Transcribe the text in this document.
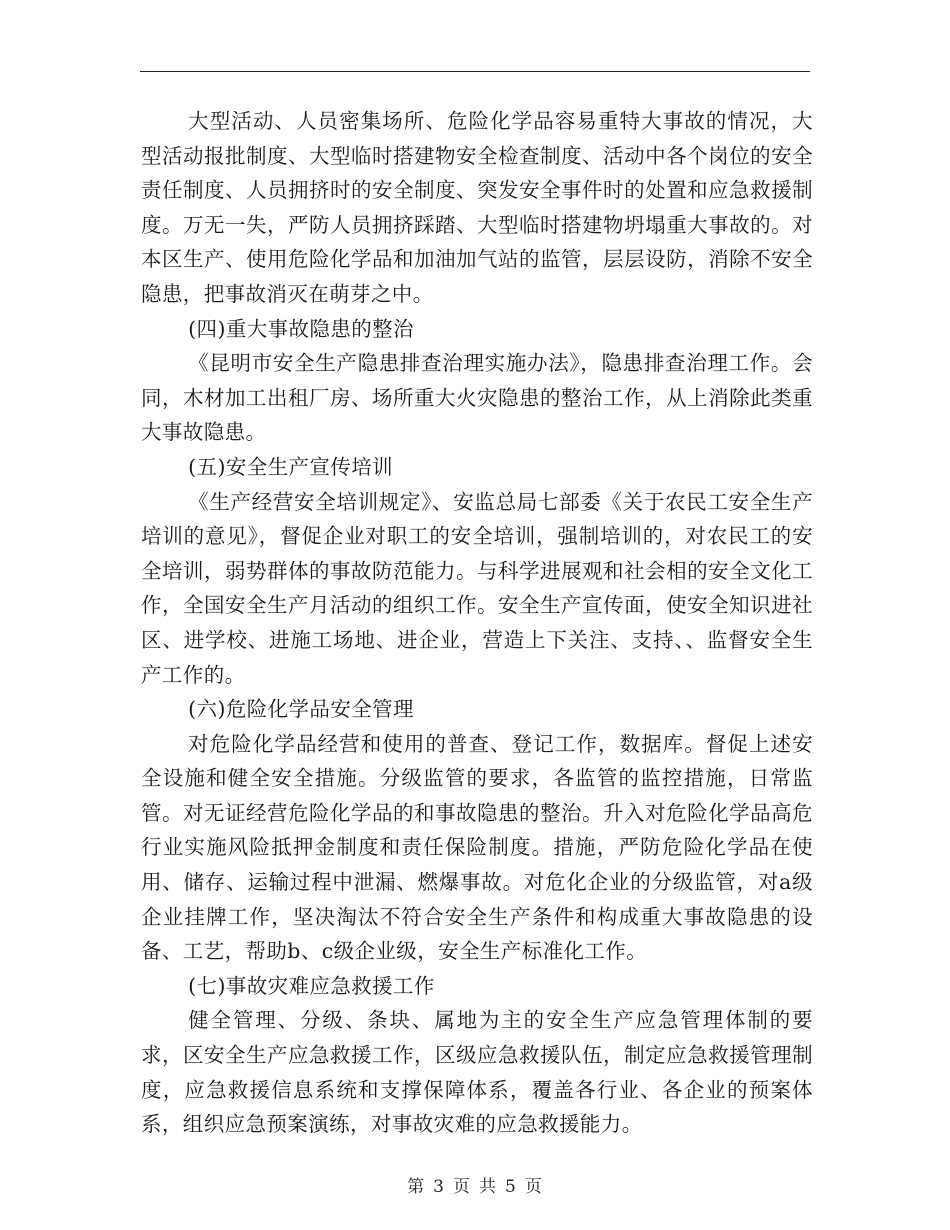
大型活动、人员密集场所、危险化学品容易重特大事故的情况，大型活动报批制度、大型临时搭建物安全检查制度、活动中各个岗位的安全责任制度、人员拥挤时的安全制度、突发安全事件时的处置和应急救援制度。万无一失，严防人员拥挤踩踏、大型临时搭建物坍塌重大事故的。对本区生产、使用危险化学品和加油加气站的监管，层层设防，消除不安全隐患，把事故消灭在萌芽之中。

(四)重大事故隐患的整治

《昆明市安全生产隐患排查治理实施办法》，隐患排查治理工作。会同，木材加工出租厂房、场所重大火灾隐患的整治工作，从上消除此类重大事故隐患。

(五)安全生产宣传培训

《生产经营安全培训规定》、安监总局七部委《关于农民工安全生产培训的意见》，督促企业对职工的安全培训，强制培训的，对农民工的安全培训，弱势群体的事故防范能力。与科学进展观和社会相的安全文化工作，全国安全生产月活动的组织工作。安全生产宣传面，使安全知识进社区、进学校、进施工场地、进企业，营造上下关注、支持、、监督安全生产工作的。

(六)危险化学品安全管理

对危险化学品经营和使用的普查、登记工作，数据库。督促上述安全设施和健全安全措施。分级监管的要求，各监管的监控措施，日常监管。对无证经营危险化学品的和事故隐患的整治。升入对危险化学品高危行业实施风险抵押金制度和责任保险制度。措施，严防危险化学品在使用、储存、运输过程中泄漏、燃爆事故。对危化企业的分级监管，对a级企业挂牌工作，坚决淘汰不符合安全生产条件和构成重大事故隐患的设备、工艺，帮助b、c级企业级，安全生产标准化工作。

(七)事故灾难应急救援工作

健全管理、分级、条块、属地为主的安全生产应急管理体制的要求，区安全生产应急救援工作，区级应急救援队伍，制定应急救援管理制度，应急救援信息系统和支撑保障体系，覆盖各行业、各企业的预案体系，组织应急预案演练，对事故灾难的应急救援能力。

第 3 页 共 5 页
